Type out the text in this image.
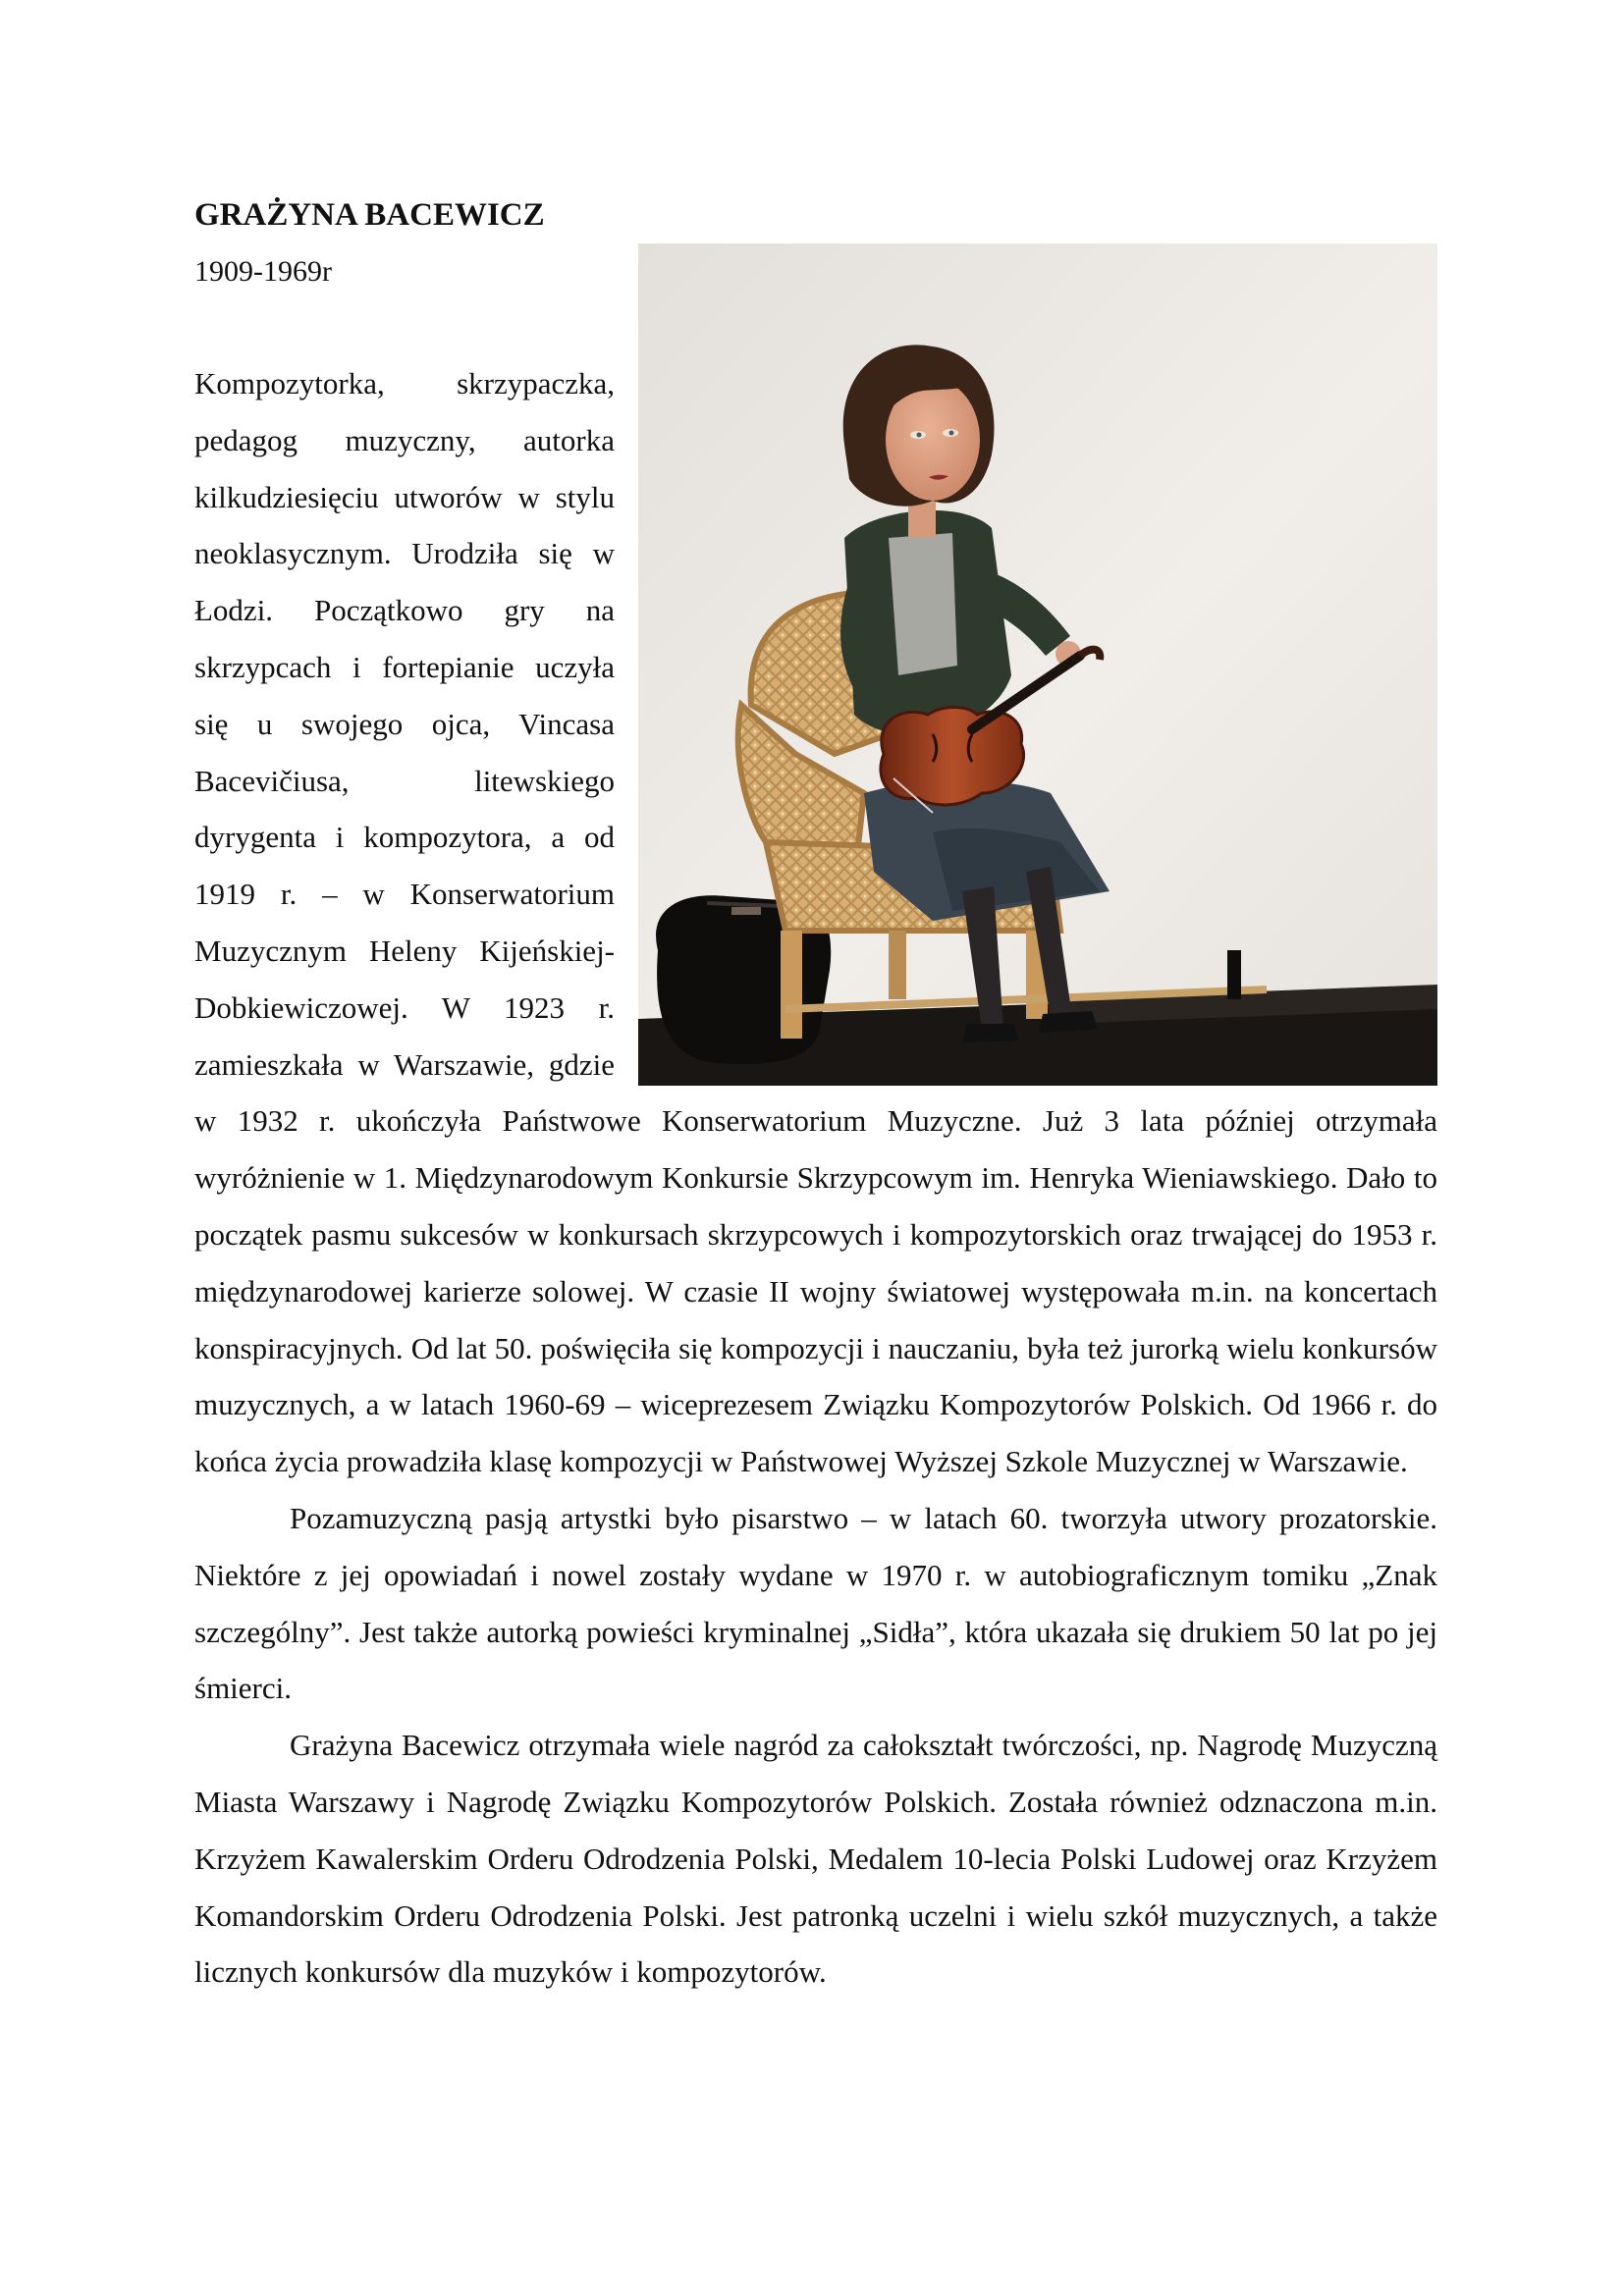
GRAŻYNA BACEWICZ
1909-1969r

Kompozytorka, skrzypaczka, pedagog muzyczny, autorka kilkudziesięciu utworów w stylu neoklasycznym. Urodziła się w Łodzi. Początkowo gry na skrzypcach i fortepianie uczyła się u swojego ojca, Vincasa Bacevičiusa, litewskiego dyrygenta i kompozytora, a od 1919 r. – w Konserwatorium Muzycznym Heleny Kijeńskiej-Dobkiewiczowej. W 1923 r. zamieszkała w Warszawie, gdzie w 1932 r. ukończyła Państwowe Konserwatorium Muzyczne. Już 3 lata później otrzymała wyróżnienie w 1. Międzynarodowym Konkursie Skrzypcowym im. Henryka Wieniawskiego. Dało to początek pasmu sukcesów w konkursach skrzypcowych i kompozytorskich oraz trwającej do 1953 r. międzynarodowej karierze solowej. W czasie II wojny światowej występowała m.in. na koncertach konspiracyjnych. Od lat 50. poświęciła się kompozycji i nauczaniu, była też jurorką wielu konkursów muzycznych, a w latach 1960-69 – wiceprezesem Związku Kompozytorów Polskich. Od 1966 r. do końca życia prowadziła klasę kompozycji w Państwowej Wyższej Szkole Muzycznej w Warszawie.

Pozamuzyczną pasją artystki było pisarstwo – w latach 60. tworzyła utwory prozatorskie. Niektóre z jej opowiadań i nowel zostały wydane w 1970 r. w autobiograficznym tomiku „Znak szczególny”. Jest także autorką powieści kryminalnej „Sidła”, która ukazała się drukiem 50 lat po jej śmierci.

Grażyna Bacewicz otrzymała wiele nagród za całokształt twórczości, np. Nagrodę Muzyczną Miasta Warszawy i Nagrodę Związku Kompozytorów Polskich. Została również odznaczona m.in. Krzyżem Kawalerskim Orderu Odrodzenia Polski, Medalem 10-lecia Polski Ludowej oraz Krzyżem Komandorskim Orderu Odrodzenia Polski. Jest patronką uczelni i wielu szkół muzycznych, a także licznych konkursów dla muzyków i kompozytorów.
